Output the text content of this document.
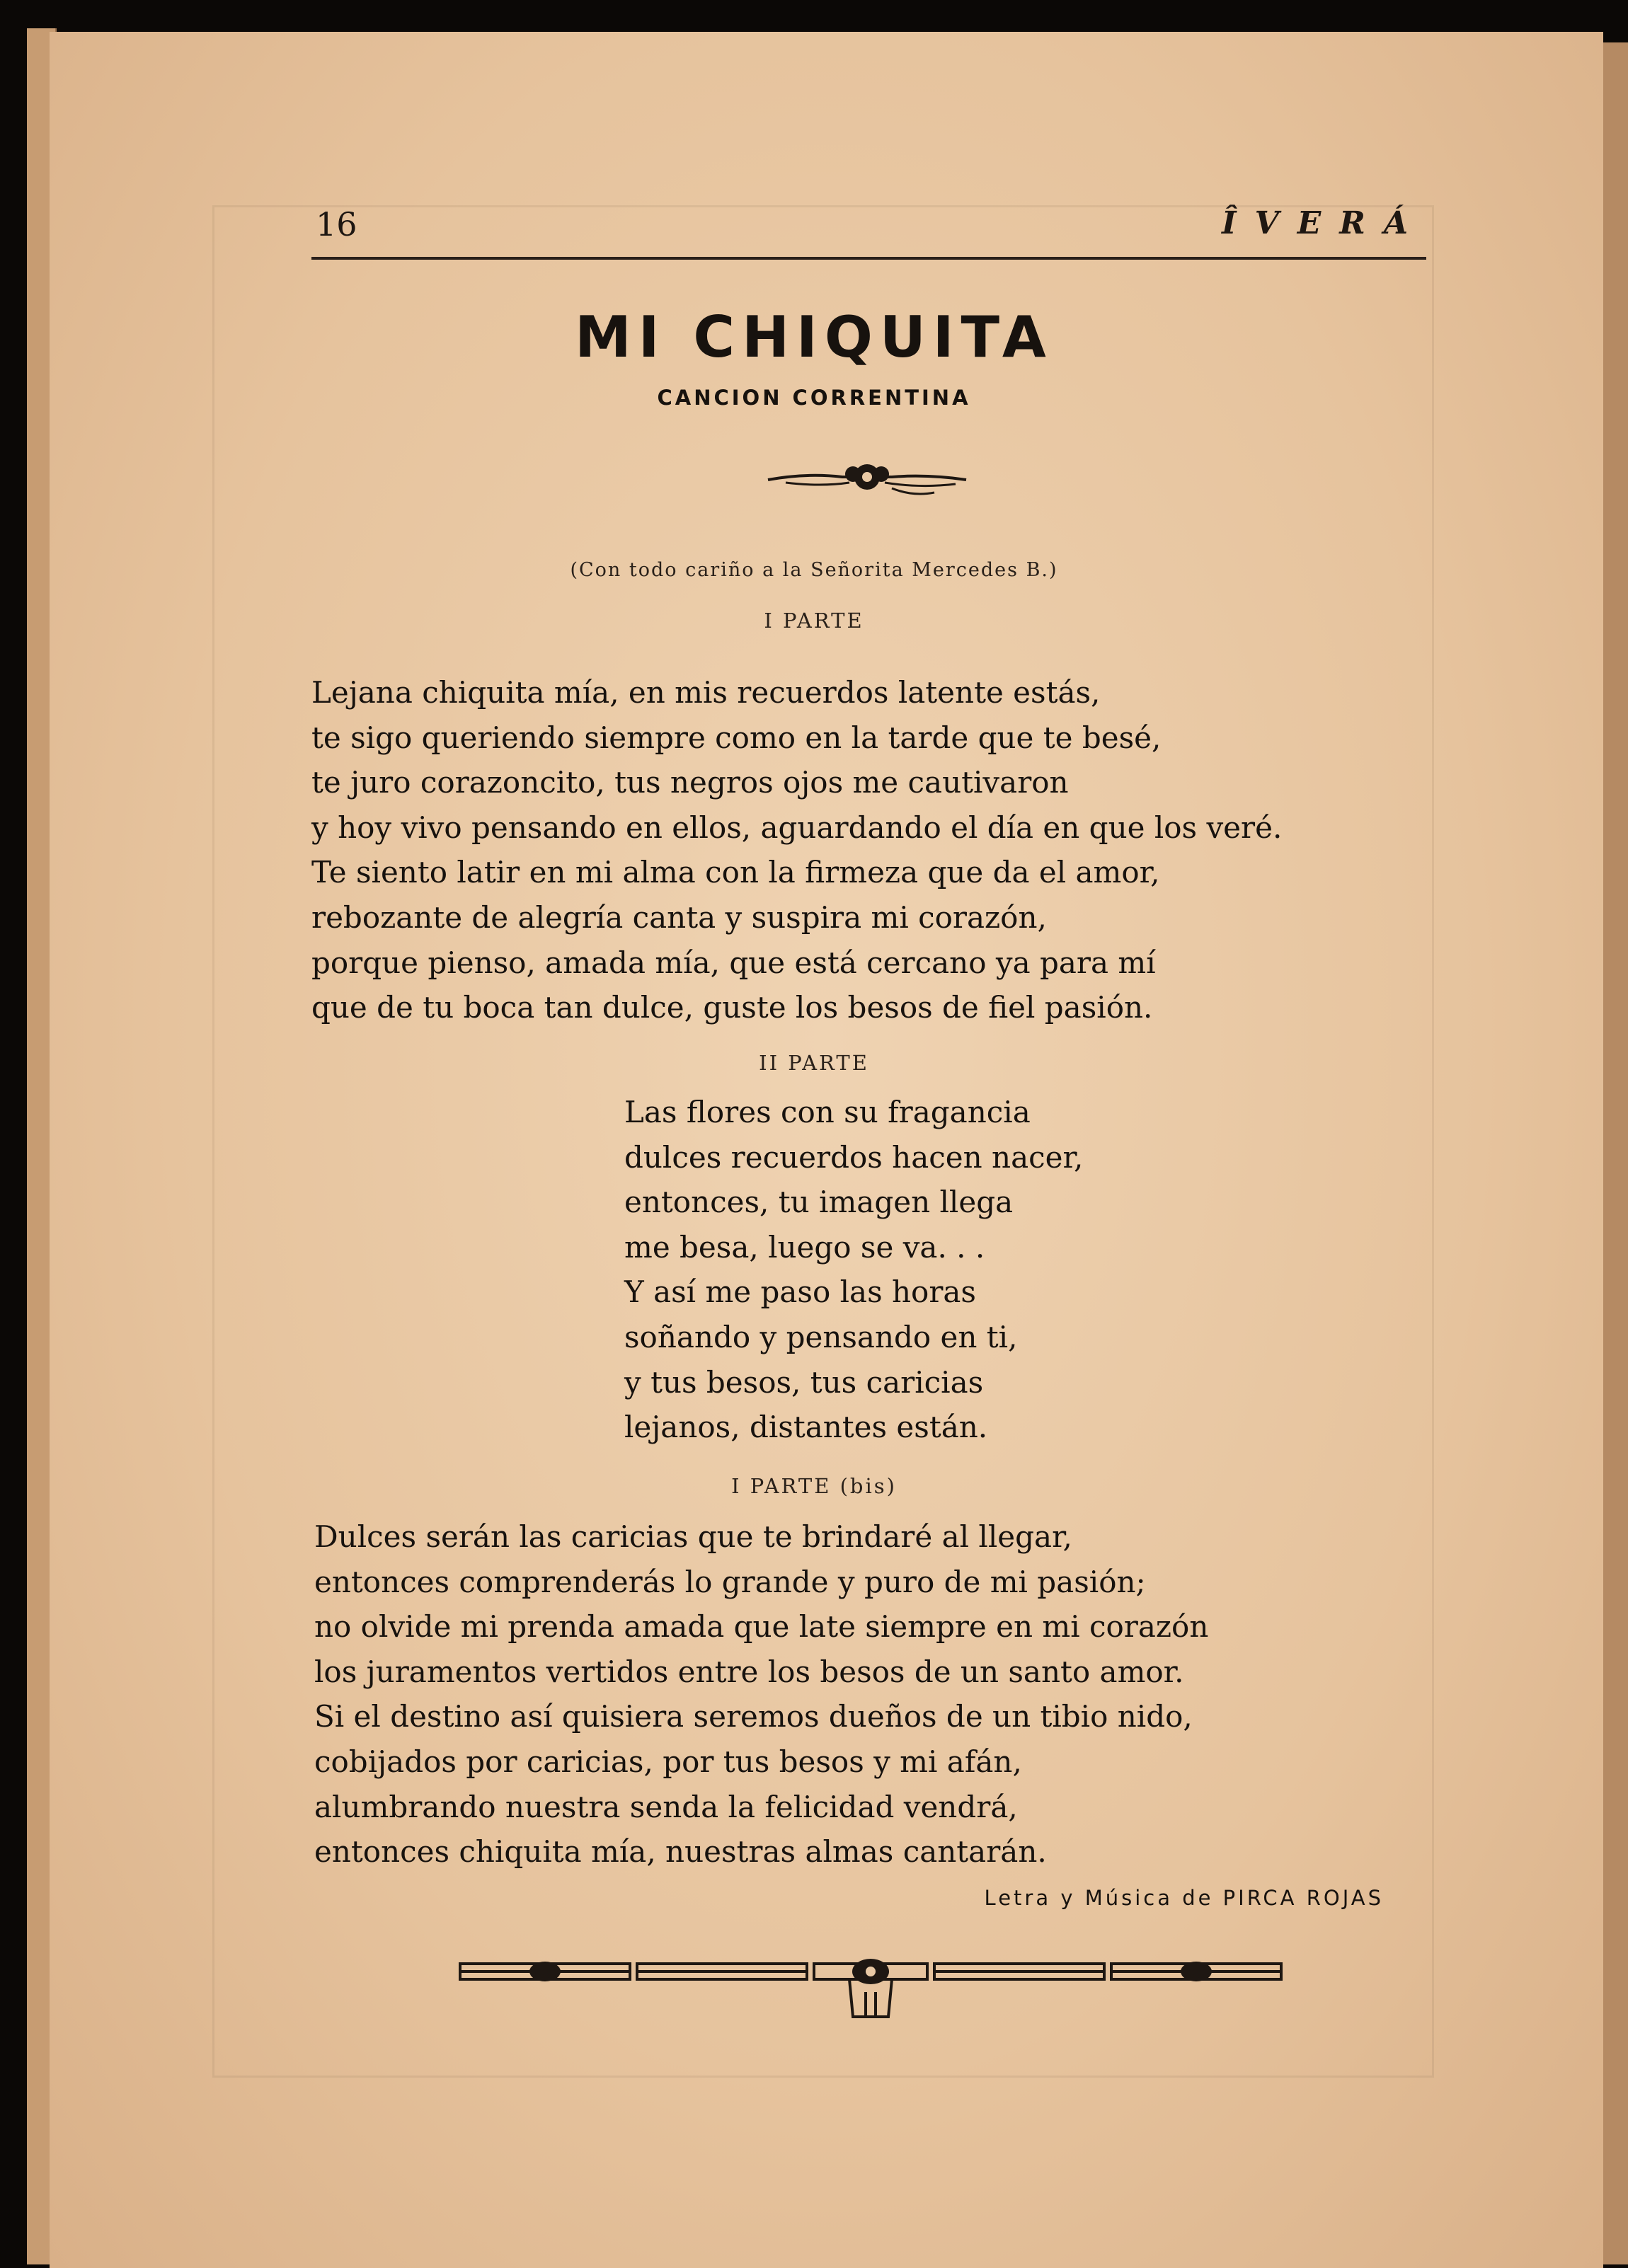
16	ÎVERÁ
MI CHIQUITA
CANCION CORRENTINA
(Con todo cariño a la Señorita Mercedes B.)
I PARTE
Lejana chiquita mía, en mis recuerdos latente estás,
te sigo queriendo siempre como en la tarde que te besé,
te juro corazoncito, tus negros ojos me cautivaron
y hoy vivo pensando en ellos, aguardando el día en que los veré.
Te siento latir en mi alma con la firmeza que da el amor,
rebozante de alegría canta y suspira mi corazón,
porque pienso, amada mía, que está cercano ya para mí
que de tu boca tan dulce, guste los besos de fiel pasión.
II PARTE
Las flores con su fragancia
dulces recuerdos hacen nacer,
entonces, tu imagen llega
me besa, luego se va. . .
Y así me paso las horas
soñando y pensando en ti,
y tus besos, tus caricias
lejanos, distantes están.
I PARTE (bis)
Dulces serán las caricias que te brindaré al llegar,
entonces comprenderás lo grande y puro de mi pasión;
no olvide mi prenda amada que late siempre en mi corazón
los juramentos vertidos entre los besos de un santo amor.
Si el destino así quisiera seremos dueños de un tibio nido,
cobijados por caricias, por tus besos y mi afán,
alumbrando nuestra senda la felicidad vendrá,
entonces chiquita mía, nuestras almas cantarán.
Letra y Música de PIRCA ROJAS
